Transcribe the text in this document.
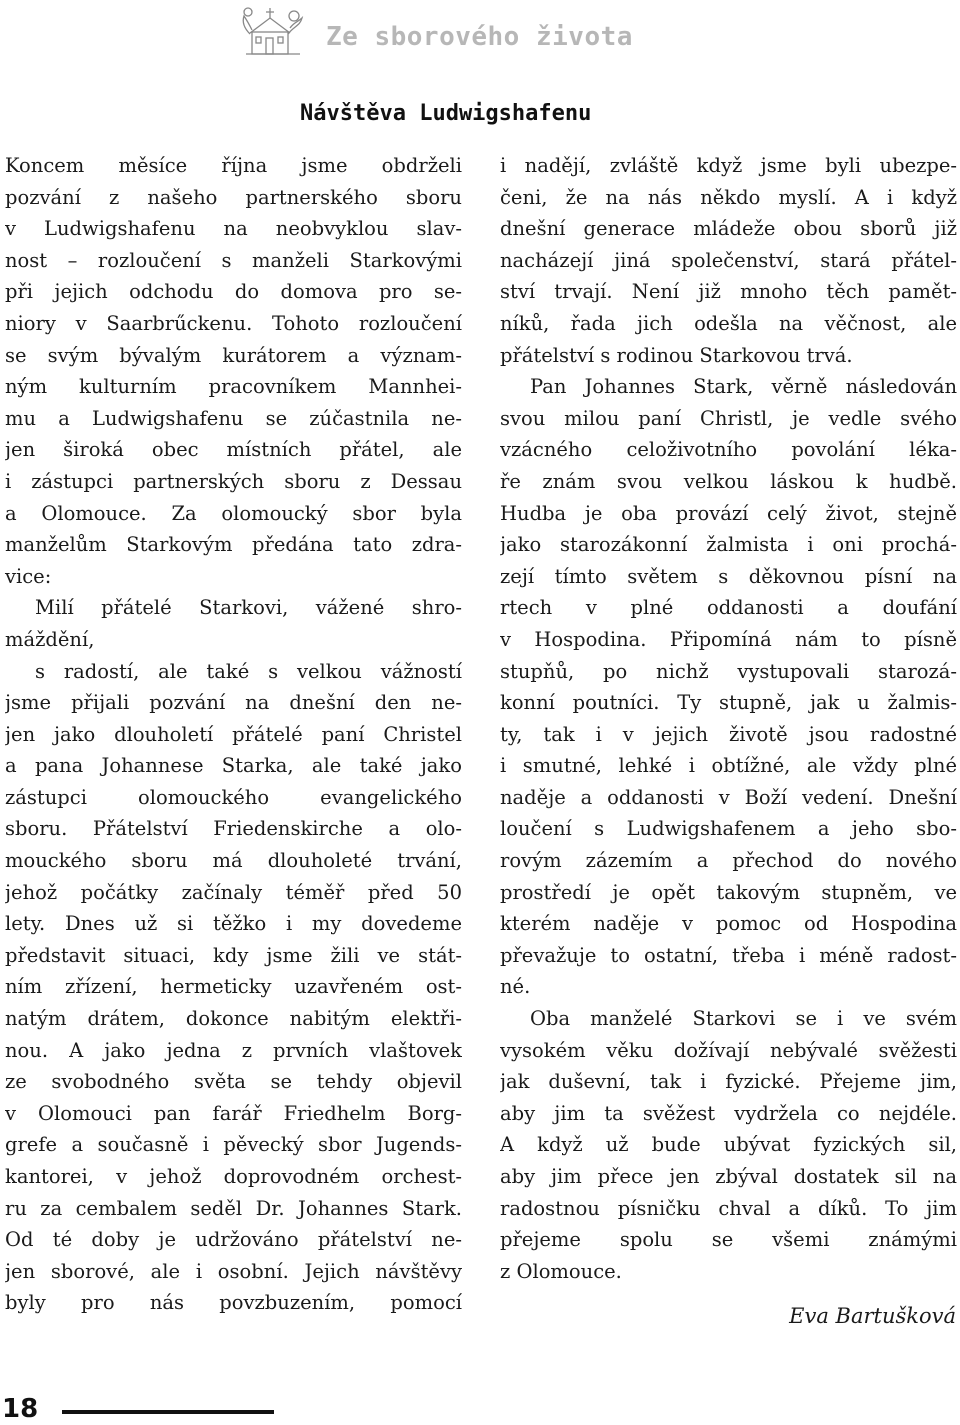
Ze sborového života
Návštěva Ludwigshafenu
Koncem měsíce října jsme obdrželi
pozvání z našeho partnerského sboru
v Ludwigshafenu na neobvyklou slav-
nost – rozloučení s manželi Starkovými
při jejich odchodu do domova pro se-
niory v Saarbrűckenu. Tohoto rozloučení
se svým bývalým kurátorem a význam-
ným kulturním pracovníkem Mannhei-
mu a Ludwigshafenu se zúčastnila ne-
jen široká obec místních přátel, ale
i zástupci partnerských sboru z Dessau
a Olomouce. Za olomoucký sbor byla
manželům Starkovým předána tato zdra-
vice:
Milí přátelé Starkovi, vážené shro-
máždění,
s radostí, ale také s velkou vážností
jsme přijali pozvání na dnešní den ne-
jen jako dlouholetí přátelé paní Christel
a pana Johannese Starka, ale také jako
zástupci olomouckého evangelického
sboru. Přátelství Friedenskirche a olo-
mouckého sboru má dlouholeté trvání,
jehož počátky začínaly téměř před 50
lety. Dnes už si těžko i my dovedeme
představit situaci, kdy jsme žili ve stát-
ním zřízení, hermeticky uzavřeném ost-
natým drátem, dokonce nabitým elektři-
nou. A jako jedna z prvních vlaštovek
ze svobodného světa se tehdy objevil
v Olomouci pan farář Friedhelm Borg-
grefe a současně i pěvecký sbor Jugends-
kantorei, v jehož doprovodném orchest-
ru za cembalem seděl Dr. Johannes Stark.
Od té doby je udržováno přátelství ne-
jen sborové, ale i osobní. Jejich návštěvy
byly pro nás povzbuzením, pomocí
i nadějí, zvláště když jsme byli ubezpe-
čeni, že na nás někdo myslí. A i když
dnešní generace mládeže obou sborů již
nacházejí jiná společenství, stará přátel-
ství trvají. Není již mnoho těch pamět-
níků, řada jich odešla na věčnost, ale
přátelství s rodinou Starkovou trvá.
Pan Johannes Stark, věrně následován
svou milou paní Christl, je vedle svého
vzácného celoživotního povolání léka-
ře znám svou velkou láskou k hudbě.
Hudba je oba provází celý život, stejně
jako starozákonní žalmista i oni prochá-
zejí tímto světem s děkovnou písní na
rtech v plné oddanosti a doufání
v Hospodina. Připomíná nám to písně
stupňů, po nichž vystupovali starozá-
konní poutníci. Ty stupně, jak u žalmis-
ty, tak i v jejich životě jsou radostné
i smutné, lehké i obtížné, ale vždy plné
naděje a oddanosti v Boží vedení. Dnešní
loučení s Ludwigshafenem a jeho sbo-
rovým zázemím a přechod do nového
prostředí je opět takovým stupněm, ve
kterém naděje v pomoc od Hospodina
převažuje to ostatní, třeba i méně radost-
né.
Oba manželé Starkovi se i ve svém
vysokém věku dožívají nebývalé svěžesti
jak duševní, tak i fyzické. Přejeme jim,
aby jim ta svěžest vydržela co nejdéle.
A když už bude ubývat fyzických sil,
aby jim přece jen zbýval dostatek sil na
radostnou písničku chval a díků. To jim
přejeme spolu se všemi známými
z Olomouce.
Eva Bartušková
18
